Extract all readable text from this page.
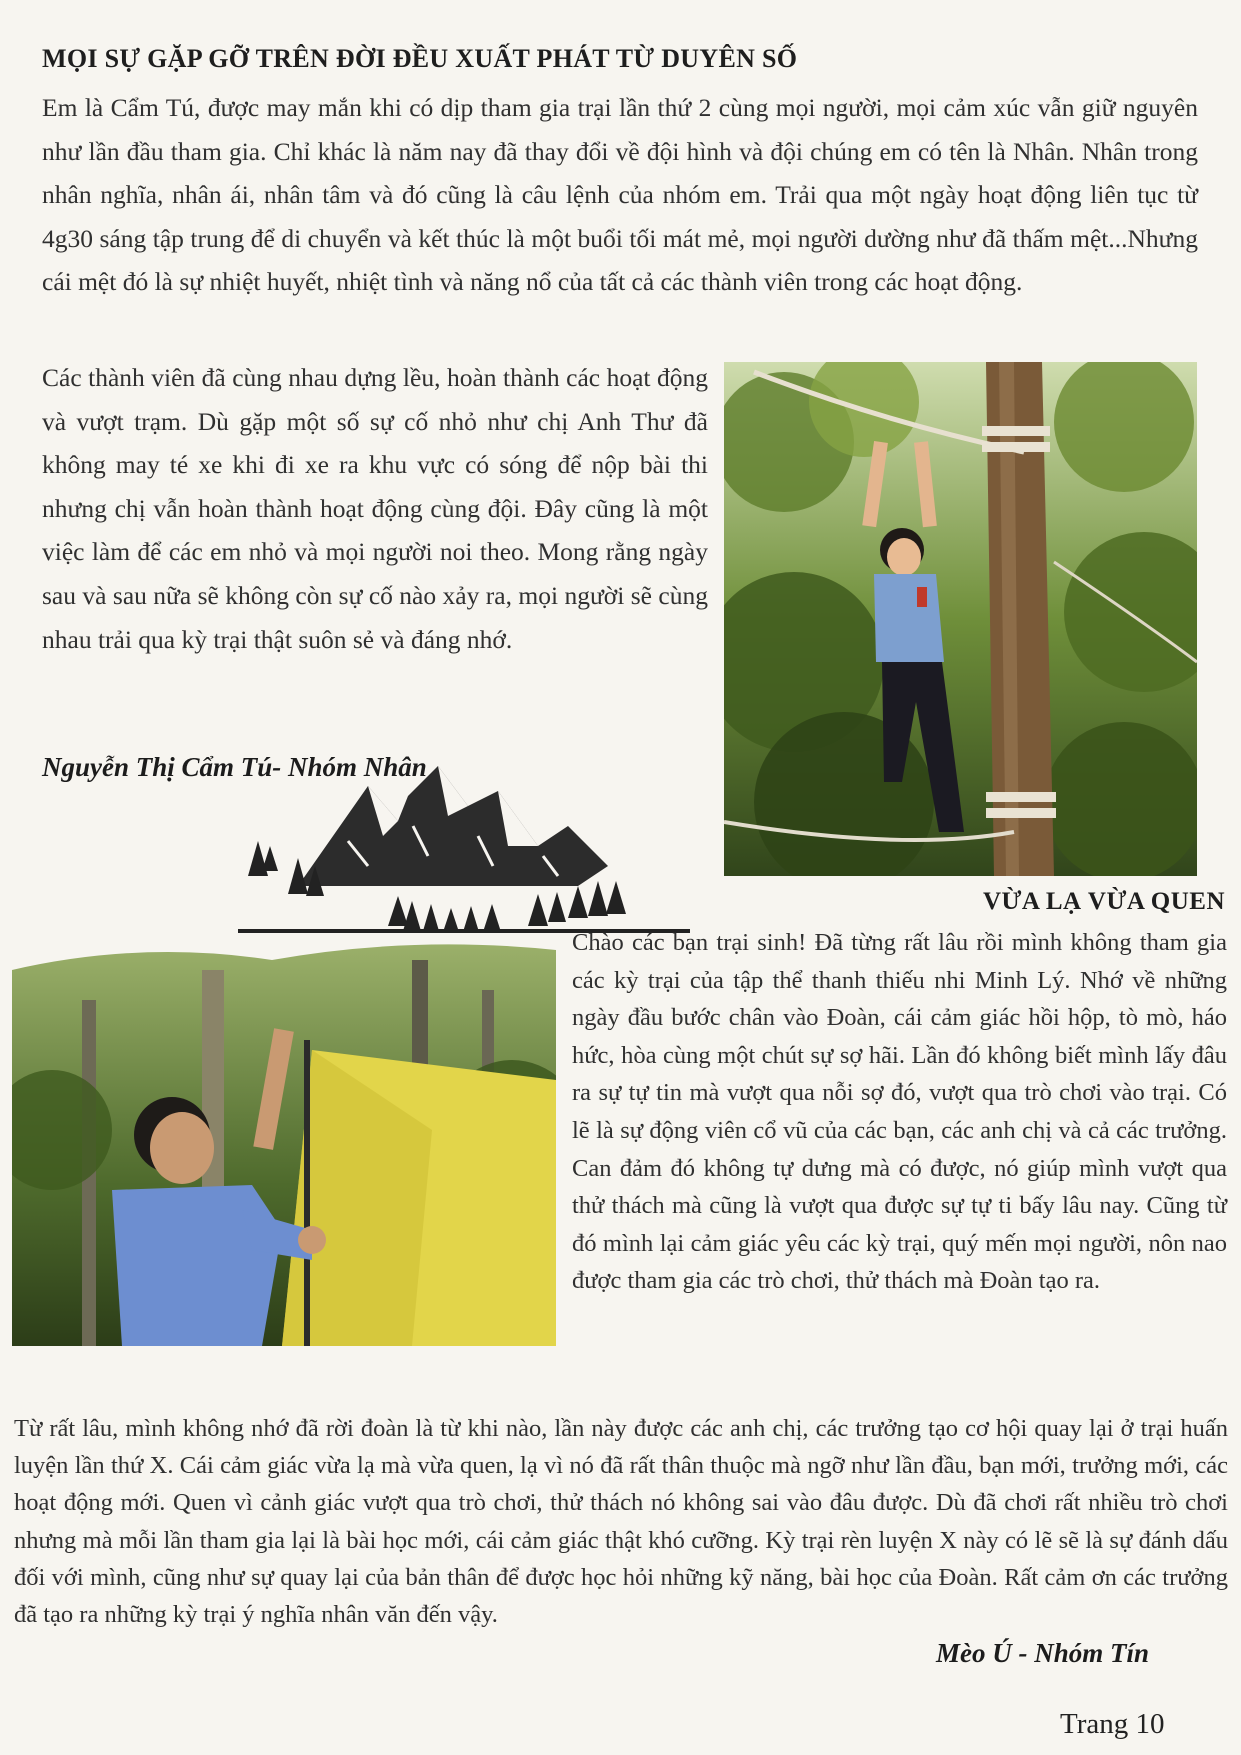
MỌI SỰ GẶP GỠ TRÊN ĐỜI ĐỀU XUẤT PHÁT TỪ DUYÊN SỐ
Em là Cẩm Tú, được may mắn khi có dịp tham gia trại lần thứ 2 cùng mọi người, mọi cảm xúc vẫn giữ nguyên như lần đầu tham gia. Chỉ khác là năm nay đã thay đổi về đội hình và đội chúng em có tên là Nhân. Nhân trong nhân nghĩa, nhân ái, nhân tâm và đó cũng là câu lệnh của nhóm em. Trải qua một ngày hoạt động liên tục từ 4g30 sáng tập trung để di chuyển và kết thúc là một buổi tối mát mẻ, mọi người dường như đã thấm mệt...Nhưng cái mệt đó là sự nhiệt huyết, nhiệt tình và năng nổ của tất cả các thành viên trong các hoạt động.
Các thành viên đã cùng nhau dựng lều, hoàn thành các hoạt động và vượt trạm. Dù gặp một số sự cố nhỏ như chị Anh Thư đã không may té xe khi đi xe ra khu vực có sóng để nộp bài thi nhưng chị vẫn hoàn thành hoạt động cùng đội. Đây cũng là một việc làm để các em nhỏ và mọi người noi theo. Mong rằng ngày sau và sau nữa sẽ không còn sự cố nào xảy ra, mọi người sẽ cùng nhau trải qua kỳ trại thật suôn sẻ và đáng nhớ.
Nguyễn Thị Cẩm Tú- Nhóm Nhân
VỪA LẠ VỪA QUEN
Chào các bạn trại sinh! Đã từng rất lâu rồi mình không tham gia các kỳ trại của tập thể thanh thiếu nhi Minh Lý. Nhớ về những ngày đầu bước chân vào Đoàn, cái cảm giác hồi hộp, tò mò, háo hức, hòa cùng một chút sự sợ hãi. Lần đó không biết mình lấy đâu ra sự tự tin mà vượt qua nỗi sợ đó, vượt qua trò chơi vào trại. Có lẽ là sự động viên cổ vũ của các bạn, các anh chị và cả các trưởng. Can đảm đó không tự dưng mà có được, nó giúp mình vượt qua thử thách mà cũng là vượt qua được sự tự ti bấy lâu nay. Cũng từ đó mình lại cảm giác yêu các kỳ trại, quý mến mọi người, nôn nao được tham gia các trò chơi, thử thách mà Đoàn tạo ra.
Từ rất lâu, mình không nhớ đã rời đoàn là từ khi nào, lần này được các anh chị, các trưởng tạo cơ hội quay lại ở trại huấn luyện lần thứ X. Cái cảm giác vừa lạ mà vừa quen, lạ vì nó đã rất thân thuộc mà ngỡ như lần đầu, bạn mới, trưởng mới, các hoạt động mới. Quen vì cảnh giác vượt qua trò chơi, thử thách nó không sai vào đâu được. Dù đã chơi rất nhiều trò chơi nhưng mà mỗi lần tham gia lại là bài học mới, cái cảm giác thật khó cưỡng. Kỳ trại rèn luyện X này có lẽ sẽ là sự đánh dấu đối với mình, cũng như sự quay lại của bản thân để được học hỏi những kỹ năng, bài học của Đoàn. Rất cảm ơn các trưởng đã tạo ra những kỳ trại ý nghĩa nhân văn đến vậy.
Mèo Ú - Nhóm Tín
Trang 10
